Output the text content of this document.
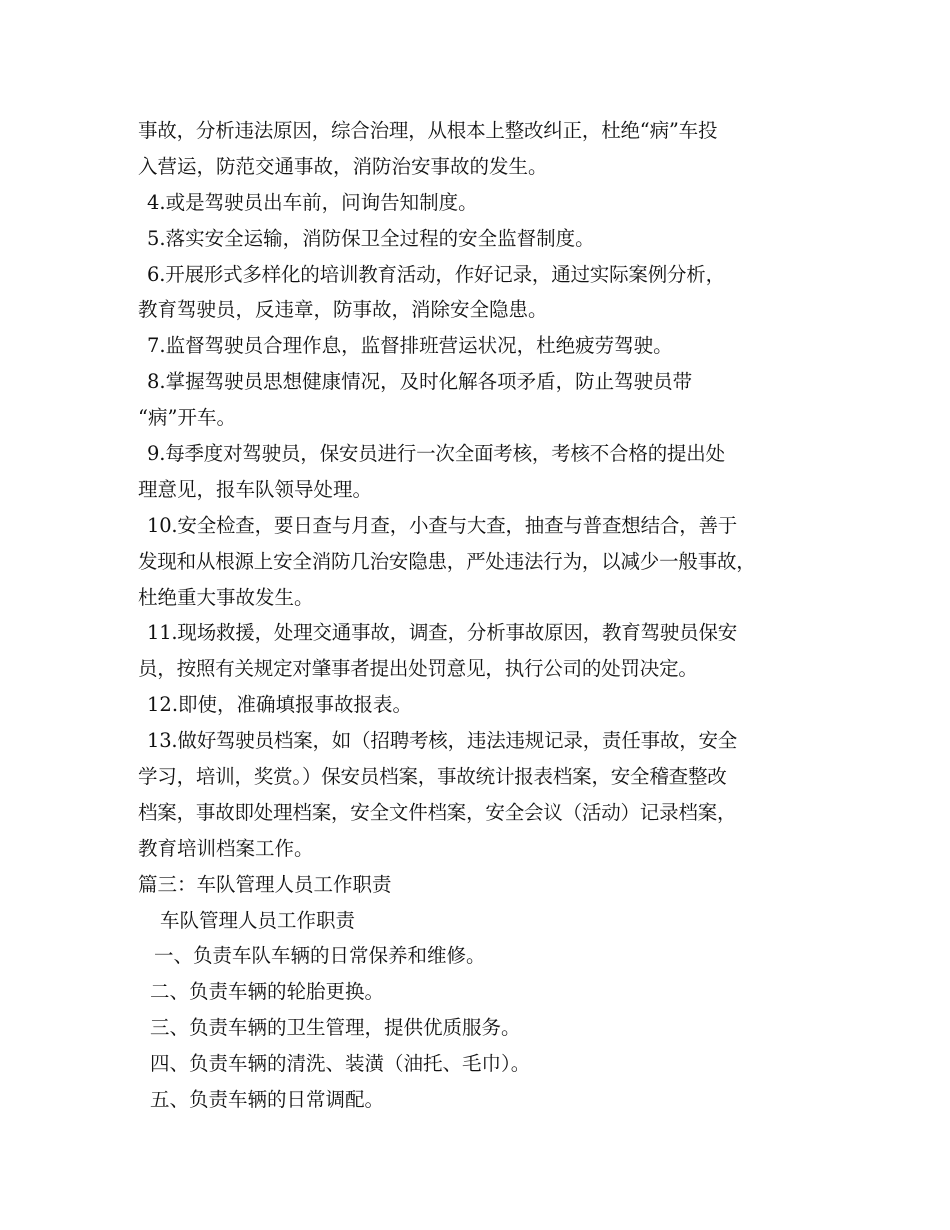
事故，分析违法原因，综合治理，从根本上整改纠正，杜绝“病”车投

入营运，防范交通事故，消防治安事故的发生。

4.或是驾驶员出车前，问询告知制度。

5.落实安全运输，消防保卫全过程的安全监督制度。

6.开展形式多样化的培训教育活动，作好记录，通过实际案例分析，

教育驾驶员，反违章，防事故，消除安全隐患。

7.监督驾驶员合理作息，监督排班营运状况，杜绝疲劳驾驶。

8.掌握驾驶员思想健康情况，及时化解各项矛盾，防止驾驶员带

“病”开车。

9.每季度对驾驶员，保安员进行一次全面考核，考核不合格的提出处

理意见，报车队领导处理。

10.安全检查，要日查与月查，小查与大查，抽查与普查想结合，善于

发现和从根源上安全消防几治安隐患，严处违法行为，以减少一般事故，

杜绝重大事故发生。

11.现场救援，处理交通事故，调查，分析事故原因，教育驾驶员保安

员，按照有关规定对肇事者提出处罚意见，执行公司的处罚决定。

12.即使，准确填报事故报表。

13.做好驾驶员档案，如（招聘考核，违法违规记录，责任事故，安全

学习，培训，奖赏。）保安员档案，事故统计报表档案，安全稽查整改

档案，事故即处理档案，安全文件档案，安全会议（活动）记录档案，

教育培训档案工作。

篇三：车队管理人员工作职责

车队管理人员工作职责

一、负责车队车辆的日常保养和维修。

二、负责车辆的轮胎更换。

三、负责车辆的卫生管理，提供优质服务。

四、负责车辆的清洗、装潢（油托、毛巾）。

五、负责车辆的日常调配。
